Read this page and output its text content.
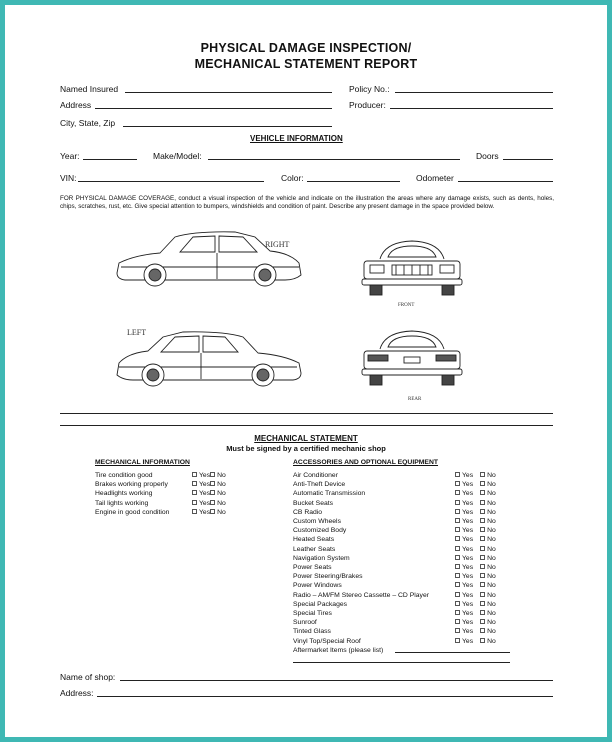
PHYSICAL DAMAGE INSPECTION/
MECHANICAL STATEMENT REPORT
Named Insured	Policy No.:
Address	Producer:
City, State, Zip
VEHICLE INFORMATION
Year:	Make/Model:	Doors
VIN:	Color:	Odometer
FOR PHYSICAL DAMAGE COVERAGE, conduct a visual inspection of the vehicle and indicate on the illustration the areas where any damage exists, such as dents, holes, chips, scratches, rust, etc. Give special attention to bumpers, windshields and condition of paint. Describe any present damage in the space provided below.
RIGHT
LEFT
FRONT
REAR
MECHANICAL STATEMENT
Must be signed by a certified mechanic shop
MECHANICAL INFORMATION	ACCESSORIES AND OPTIONAL EQUIPMENT
Tire condition good	Yes	No
Brakes working properly	Yes	No
Headlights working	Yes	No
Tail lights working	Yes	No
Engine in good condition	Yes	No
Air Conditioner	Yes	No
Anti-Theft Device	Yes	No
Automatic Transmission	Yes	No
Bucket Seats	Yes	No
CB Radio	Yes	No
Custom Wheels	Yes	No
Customized Body	Yes	No
Heated Seats	Yes	No
Leather Seats	Yes	No
Navigation System	Yes	No
Power Seats	Yes	No
Power Steering/Brakes	Yes	No
Power Windows	Yes	No
Radio – AM/FM Stereo Cassette – CD Player	Yes	No
Special Packages	Yes	No
Special Tires	Yes	No
Sunroof	Yes	No
Tinted Glass	Yes	No
Vinyl Top/Special Roof	Yes	No
Aftermarket Items (please list)
Name of shop:
Address:
